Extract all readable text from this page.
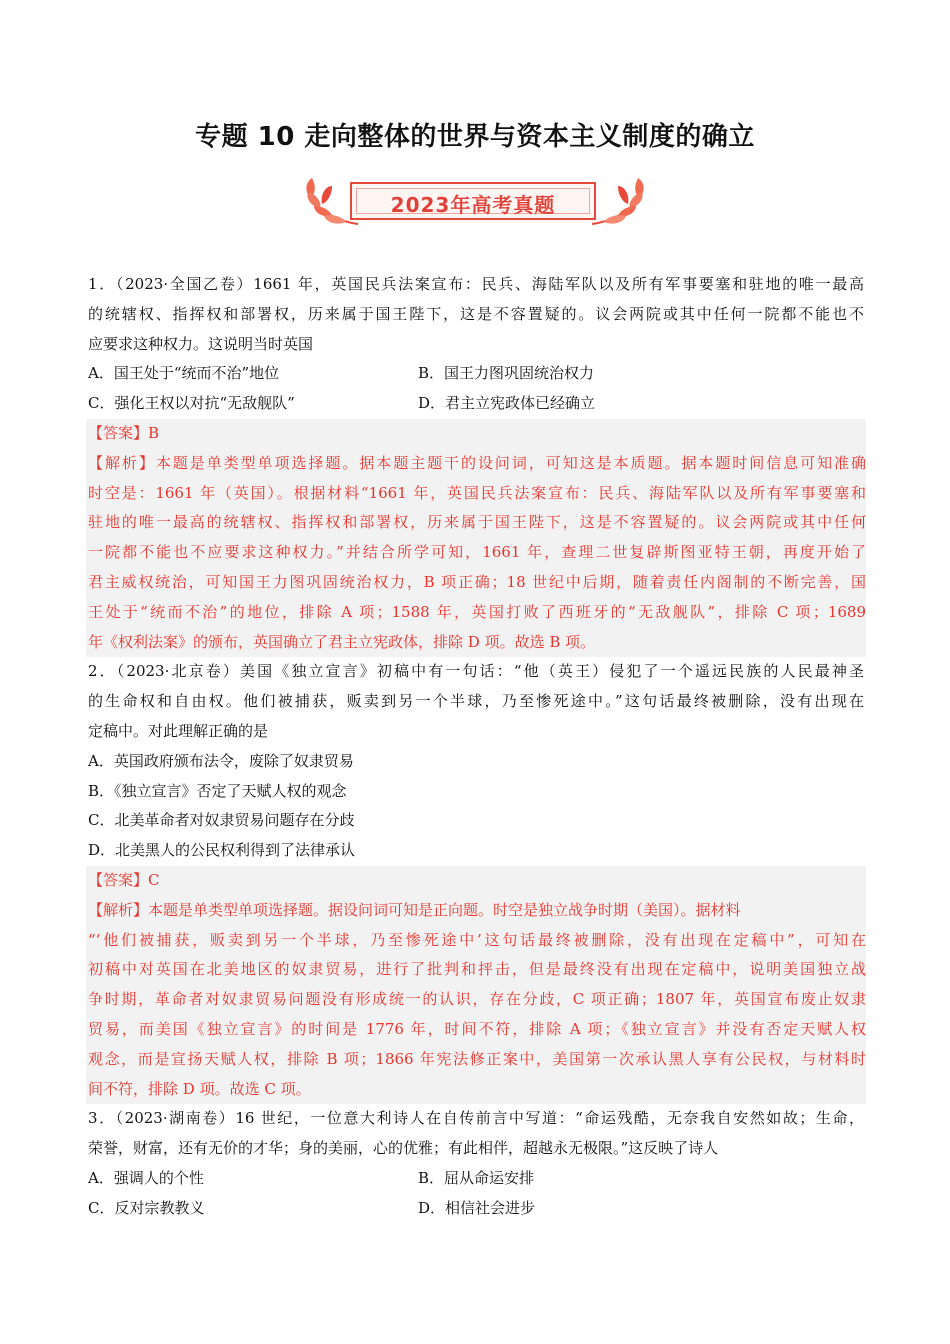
专题 10 走向整体的世界与资本主义制度的确立
2023年高考真题
1．（2023·全国乙卷）1661 年，英国民兵法案宣布：民兵、海陆军队以及所有军事要塞和驻地的唯一最高
的统辖权、指挥权和部署权，历来属于国王陛下，这是不容置疑的。议会两院或其中任何一院都不能也不
应要求这种权力。这说明当时英国
A．国王处于“统而不治”地位	B．国王力图巩固统治权力
C．强化王权以对抗“无敌舰队”	D．君主立宪政体已经确立
【答案】B
【解析】本题是单类型单项选择题。据本题主题干的设问词，可知这是本质题。据本题时间信息可知准确
时空是：1661 年（英国）。根据材料“1661 年，英国民兵法案宣布：民兵、海陆军队以及所有军事要塞和
驻地的唯一最高的统辖权、指挥权和部署权，历来属于国王陛下，这是不容置疑的。议会两院或其中任何
一院都不能也不应要求这种权力。”并结合所学可知，1661 年，查理二世复辟斯图亚特王朝，再度开始了
君主威权统治，可知国王力图巩固统治权力，B 项正确；18 世纪中后期，随着责任内阁制的不断完善，国
王处于“统而不治”的地位，排除 A 项；1588 年，英国打败了西班牙的“无敌舰队”，排除 C 项；1689
年《权利法案》的颁布，英国确立了君主立宪政体，排除 D 项。故选 B 项。
2．（2023·北京卷）美国《独立宣言》初稿中有一句话：“他（英王）侵犯了一个遥远民族的人民最神圣
的生命权和自由权。他们被捕获，贩卖到另一个半球，乃至惨死途中。”这句话最终被删除，没有出现在
定稿中。对此理解正确的是
A．英国政府颁布法令，废除了奴隶贸易
B．《独立宣言》否定了天赋人权的观念
C．北美革命者对奴隶贸易问题存在分歧
D．北美黑人的公民权利得到了法律承认
【答案】C
【解析】本题是单类型单项选择题。据设问词可知是正向题。时空是独立战争时期（美国）。据材料
“‘他们被捕获，贩卖到另一个半球，乃至惨死途中’这句话最终被删除，没有出现在定稿中”，可知在
初稿中对英国在北美地区的奴隶贸易，进行了批判和抨击，但是最终没有出现在定稿中，说明美国独立战
争时期，革命者对奴隶贸易问题没有形成统一的认识，存在分歧，C 项正确；1807 年，英国宣布废止奴隶
贸易，而美国《独立宣言》的时间是 1776 年，时间不符，排除 A 项；《独立宣言》并没有否定天赋人权
观念，而是宣扬天赋人权，排除 B 项；1866 年宪法修正案中，美国第一次承认黑人享有公民权，与材料时
间不符，排除 D 项。故选 C 项。
3．（2023·湖南卷）16 世纪，一位意大利诗人在自传前言中写道：“命运残酷，无奈我自安然如故；生命，
荣誉，财富，还有无价的才华；身的美丽，心的优雅；有此相伴，超越永无极限。”这反映了诗人
A．强调人的个性	B．屈从命运安排
C．反对宗教教义	D．相信社会进步
